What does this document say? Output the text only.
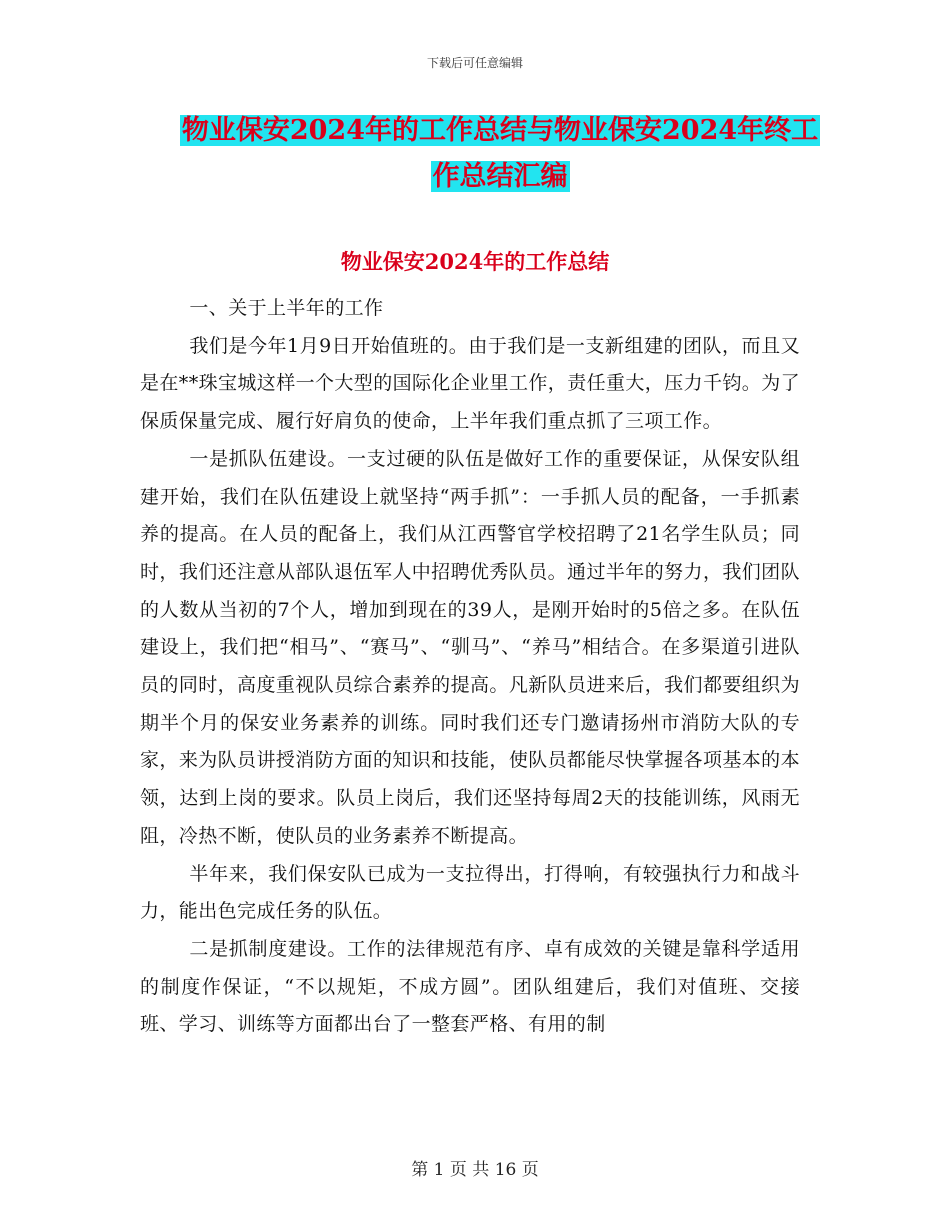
下载后可任意编辑
物业保安2024年的工作总结与物业保安2024年终工
作总结汇编
物业保安2024年的工作总结

一、关于上半年的工作

我们是今年1月9日开始值班的。由于我们是一支新组建的团队，而且又是在**珠宝城这样一个大型的国际化企业里工作，责任重大，压力千钧。为了保质保量完成、履行好肩负的使命，上半年我们重点抓了三项工作。

一是抓队伍建设。一支过硬的队伍是做好工作的重要保证，从保安队组建开始，我们在队伍建设上就坚持“两手抓”：一手抓人员的配备，一手抓素养的提高。在人员的配备上，我们从江西警官学校招聘了21名学生队员；同时，我们还注意从部队退伍军人中招聘优秀队员。通过半年的努力，我们团队的人数从当初的7个人，增加到现在的39人，是刚开始时的5倍之多。在队伍建设上，我们把“相马”、“赛马”、“驯马”、“养马”相结合。在多渠道引进队员的同时，高度重视队员综合素养的提高。凡新队员进来后，我们都要组织为期半个月的保安业务素养的训练。同时我们还专门邀请扬州市消防大队的专家，来为队员讲授消防方面的知识和技能，使队员都能尽快掌握各项基本的本领，达到上岗的要求。队员上岗后，我们还坚持每周2天的技能训练，风雨无阻，冷热不断，使队员的业务素养不断提高。

半年来，我们保安队已成为一支拉得出，打得响，有较强执行力和战斗力，能出色完成任务的队伍。

二是抓制度建设。工作的法律规范有序、卓有成效的关键是靠科学适用的制度作保证，“不以规矩，不成方圆”。团队组建后，我们对值班、交接班、学习、训练等方面都出台了一整套严格、有用的制

第 1 页 共 16 页
